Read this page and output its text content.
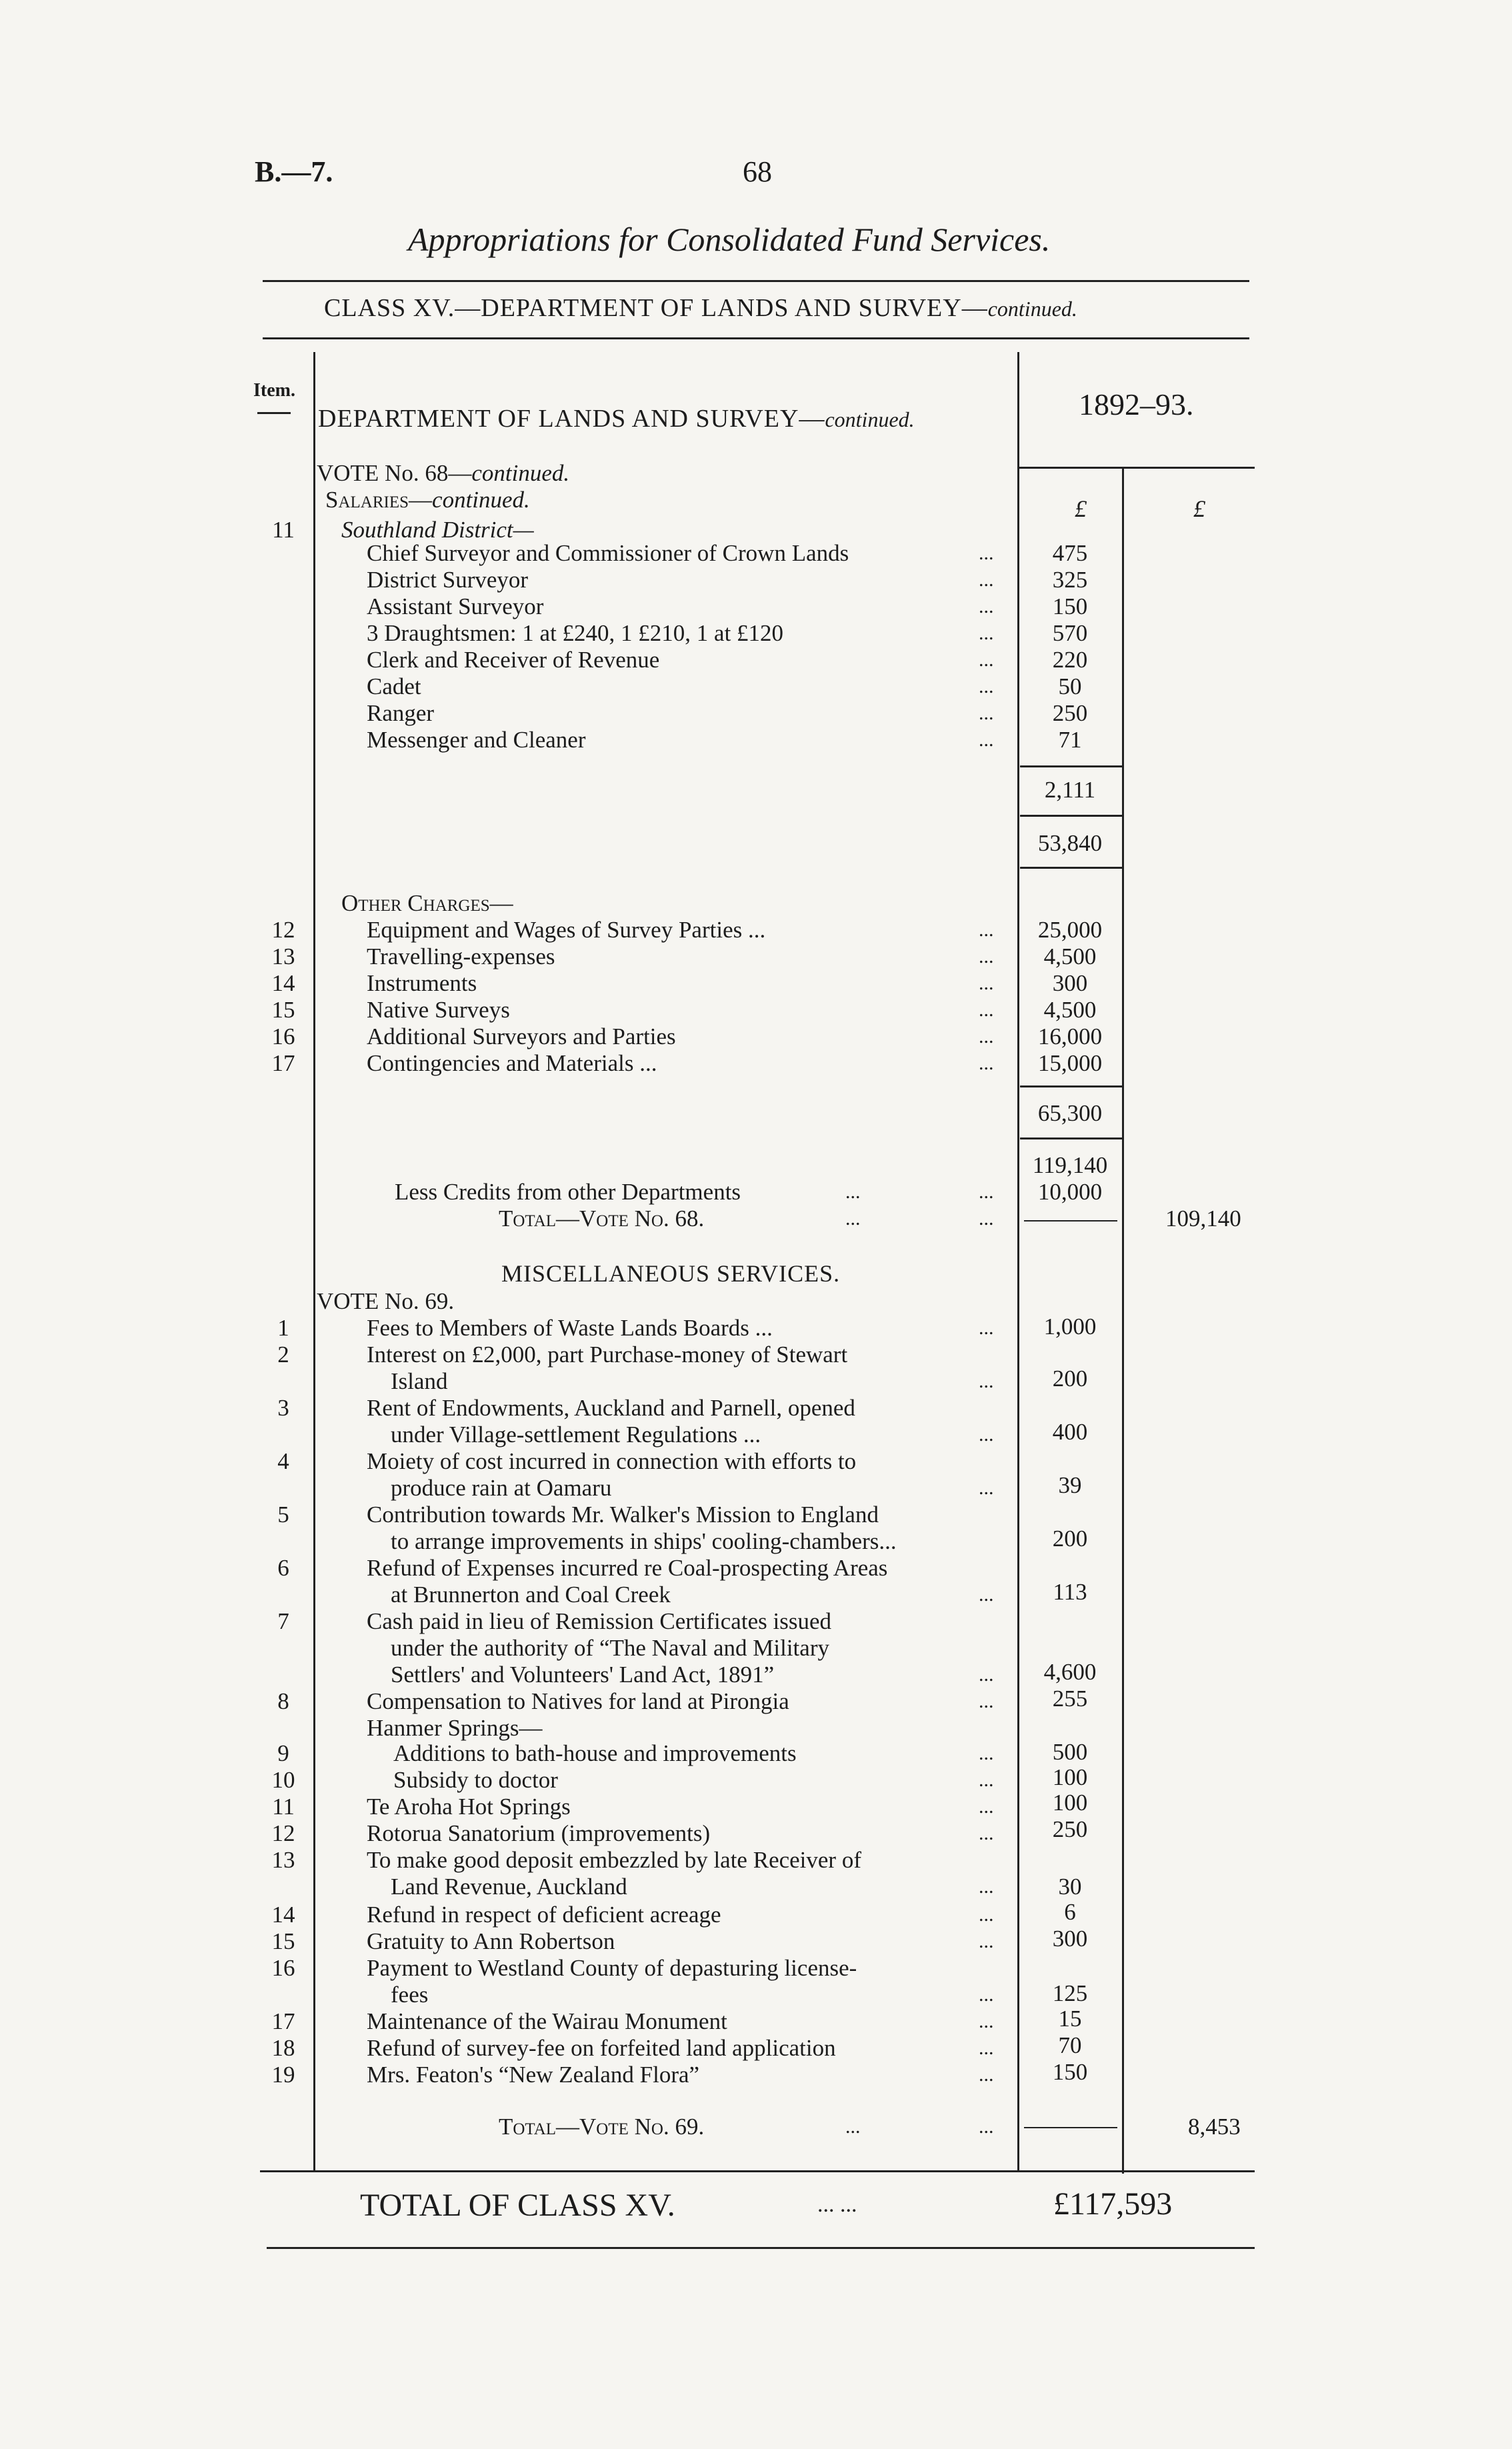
B.—7.	68
Appropriations for Consolidated Fund Services.
CLASS XV.—DEPARTMENT OF LANDS AND SURVEY—continued.
Item.
DEPARTMENT OF LANDS AND SURVEY—continued.	1892–93.
£	£
VOTE No. 68—continued.
Salaries—continued.
11 Southland District—
Chief Surveyor and Commissioner of Crown Lands	...	475
District Surveyor	...	325
Assistant Surveyor	...	150
3 Draughtsmen: 1 at £240, 1 £210, 1 at £120	...	570
Clerk and Receiver of Revenue	...	220
Cadet	...	50
Ranger	...	250
Messenger and Cleaner	...	71
2,111
53,840
Other Charges—
12	Equipment and Wages of Survey Parties ...	...	25,000
13	Travelling-expenses	...	4,500
14	Instruments	...	300
15	Native Surveys	...	4,500
16	Additional Surveyors and Parties	...	16,000
17	Contingencies and Materials ...	...	15,000
65,300
119,140
Less Credits from other Departments	...	...	10,000
Total—Vote No. 68.	...	...	109,140
MISCELLANEOUS SERVICES.
VOTE No. 69.
1	Fees to Members of Waste Lands Boards ...	...	1,000
2	Interest on £2,000, part Purchase-money of Stewart
Island	...	200
3	Rent of Endowments, Auckland and Parnell, opened
under Village-settlement Regulations ...	...	400
4	Moiety of cost incurred in connection with efforts to
produce rain at Oamaru	...	39
5	Contribution towards Mr. Walker's Mission to England
to arrange improvements in ships' cooling-chambers...	200
6	Refund of Expenses incurred re Coal-prospecting Areas
at Brunnerton and Coal Creek	...	113
7	Cash paid in lieu of Remission Certificates issued
under the authority of “The Naval and Military
Settlers' and Volunteers' Land Act, 1891”	...	4,600
8	Compensation to Natives for land at Pirongia	...	255
Hanmer Springs—
9	Additions to bath-house and improvements	...	500
10	Subsidy to doctor	...	100
11	Te Aroha Hot Springs	...	100
12	Rotorua Sanatorium (improvements)	...	250
13	To make good deposit embezzled by late Receiver of
Land Revenue, Auckland	...	30
14	Refund in respect of deficient acreage	...	6
15	Gratuity to Ann Robertson	...	300
16	Payment to Westland County of depasturing license-
fees	...	125
17	Maintenance of the Wairau Monument	...	15
18	Refund of survey-fee on forfeited land application	...	70
19	Mrs. Featon's “New Zealand Flora”	...	150
Total—Vote No. 69.	...	...	8,453
TOTAL OF CLASS XV.	... ...	£117,593
